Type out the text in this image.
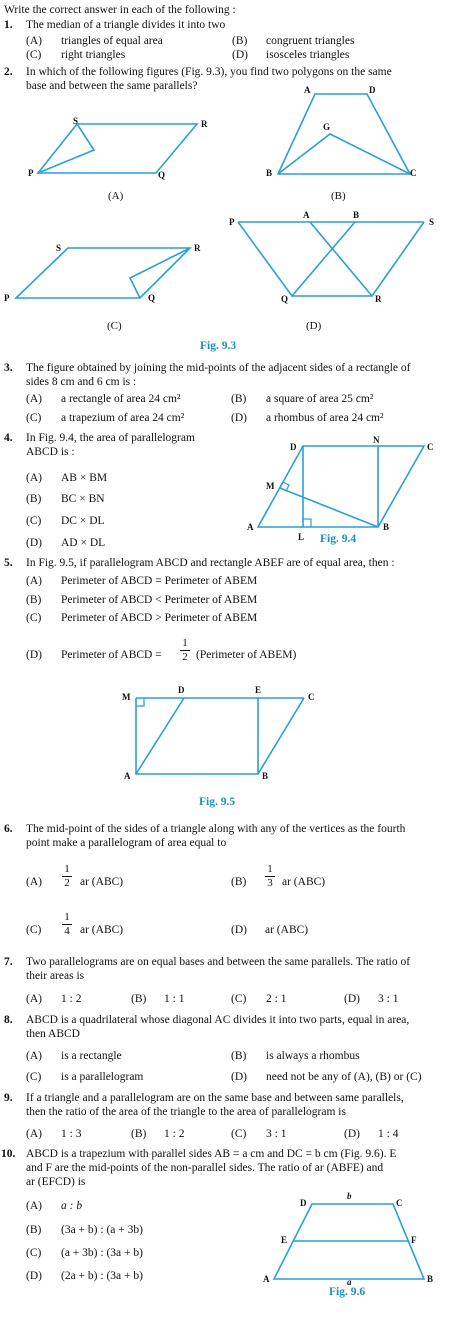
Write the correct answer in each of the following :
1. The median of a triangle divides it into two
(A) triangles of equal area	(B) congruent triangles
(C) right triangles	(D) isosceles triangles
2. In which of the following figures (Fig. 9.3), you find two polygons on the same
base and between the same parallels?
S	R
P	Q
(A)
A	D
G
B	C
(B)
S	R
P	Q
(C)
P
A	B
S
Q	R
(D)
Fig. 9.3
3. The figure obtained by joining the mid-points of the adjacent sides of a rectangle of
sides 8 cm and 6 cm is :
(A) a rectangle of area 24 cm²	(B) a square of area 25 cm²
(C) a trapezium of area 24 cm²	(D) a rhombus of area 24 cm²
4. In Fig. 9.4, the area of parallelogram
ABCD is :
(A) AB × BM
(B) BC × BN
(C) DC × DL
(D) AD × DL
D
N
C
M
A
L
B
Fig. 9.4
5. In Fig. 9.5, if parallelogram ABCD and rectangle ABEF are of equal area, then :
(A) Perimeter of ABCD = Perimeter of ABEM
(B) Perimeter of ABCD < Perimeter of ABEM
(C) Perimeter of ABCD > Perimeter of ABEM
(D) Perimeter of ABCD =
1
2 (Perimeter of ABEM)
M
D	E
C
A	B
Fig. 9.5
6. The mid-point of the sides of a triangle along with any of the vertices as the fourth
point make a parallelogram of area equal to
(A)
1
2 ar (ABC)	(B)
1
3 ar (ABC)
(C)
1
4 ar (ABC)	(D) ar (ABC)
7. Two parallelograms are on equal bases and between the same parallels. The ratio of
their areas is
(A) 1 : 2	(B) 1 : 1	(C) 2 : 1	(D) 3 : 1
8. ABCD is a quadrilateral whose diagonal AC divides it into two parts, equal in area,
then ABCD
(A) is a rectangle	(B) is always a rhombus
(C) is a parallelogram	(D) need not be any of (A), (B) or (C)
9. If a triangle and a parallelogram are on the same base and between same parallels,
then the ratio of the area of the triangle to the area of parallelogram is
(A) 1 : 3	(B) 1 : 2	(C) 3 : 1	(D) 1 : 4
10. ABCD is a trapezium with parallel sides AB = a cm and DC = b cm (Fig. 9.6). E
and F are the mid-points of the non-parallel sides. The ratio of ar (ABFE) and
ar (EFCD) is
(A) a : b
(B) (3a + b) : (a + 3b)
(C) (a + 3b) : (3a + b)
(D) (2a + b) : (3a + b)
D
b
C
E	F
A	B
a
Fig. 9.6
